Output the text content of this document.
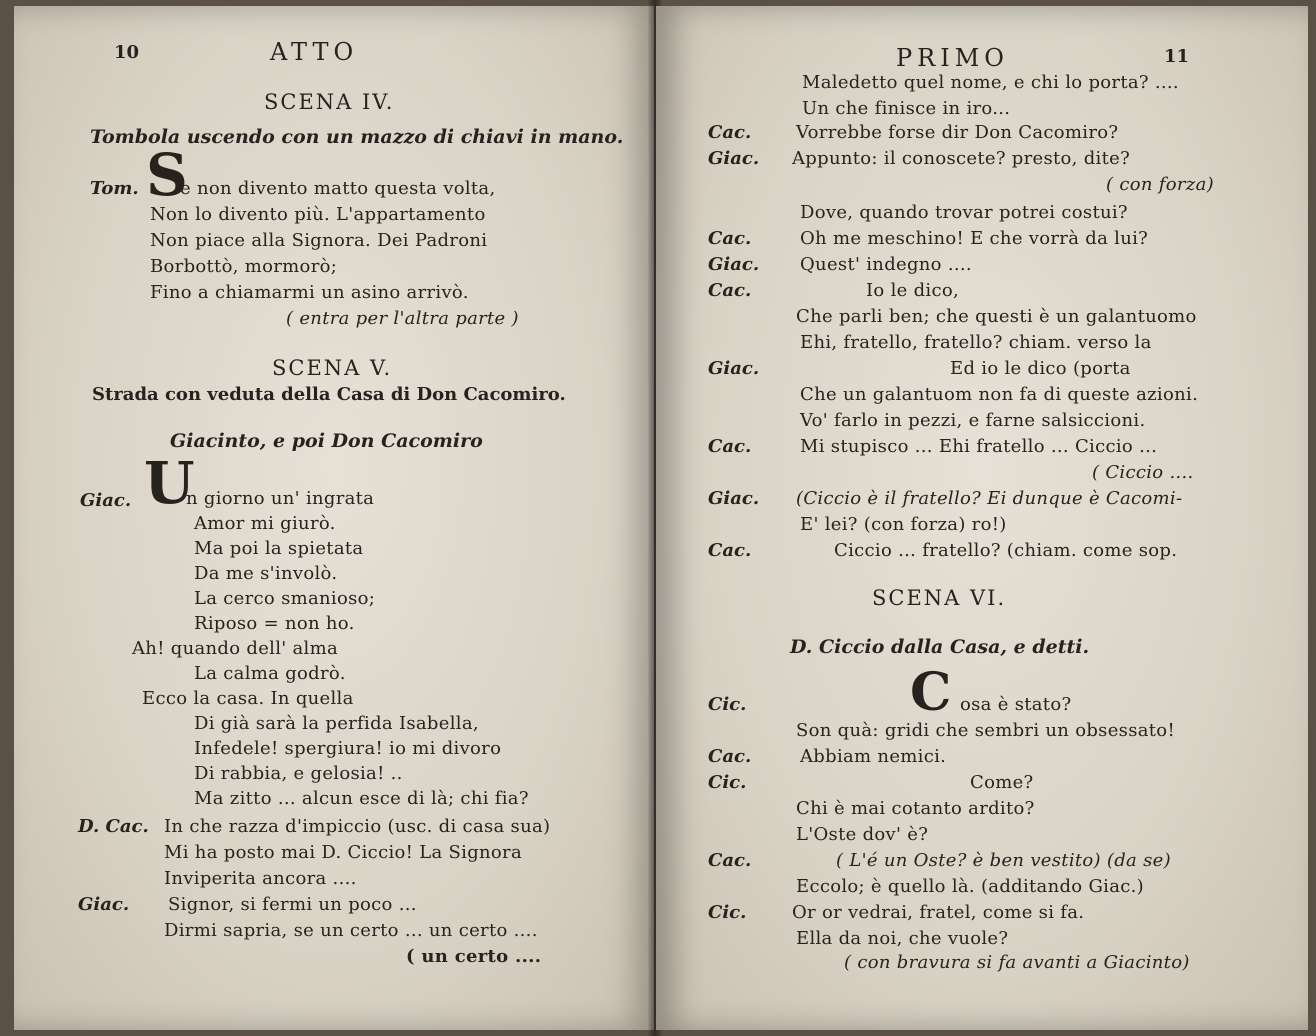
10	ATTO
SCENA IV.
Tombola uscendo con un mazzo di chiavi in mano.
Tom. S
e non divento matto questa volta,
Non lo divento più. L'appartamento
Non piace alla Signora. Dei Padroni
Borbottò, mormorò;
Fino a chiamarmi un asino arrivò.
( entra per l'altra parte )
SCENA V.
Strada con veduta della Casa di Don Cacomiro.
Giacinto, e poi Don Cacomiro
Giac. U
n giorno un' ingrata
Amor mi giurò.
Ma poi la spietata
Da me s'involò.
La cerco smanioso;
Riposo = non ho.
Ah! quando dell' alma
La calma godrò.
Ecco la casa. In quella
Di già sarà la perfida Isabella,
Infedele! spergiura! io mi divoro
Di rabbia, e gelosia! ..
Ma zitto ... alcun esce di là; chi fia?
D. Cac. In che razza d'impiccio (usc. di casa sua)
Mi ha posto mai D. Ciccio! La Signora
Inviperita ancora ....
Giac. Signor, si fermi un poco ...
Dirmi sapria, se un certo ... un certo ....
( un certo ....
PRIMO	11
Maledetto quel nome, e chi lo porta? ....
Un che finisce in iro...
Cac. Vorrebbe forse dir Don Cacomiro?
Giac. Appunto: il conoscete? presto, dite?
( con forza)
Dove, quando trovar potrei costui?
Cac.	Oh me meschino! E che vorrà da lui?
Giac. Quest' indegno ....
Cac.	Io le dico,
Che parli ben; che questi è un galantuomo
Ehi, fratello, fratello? chiam. verso la
Giac.	Ed io le dico (porta
Che un galantuom non fa di queste azioni.
Vo' farlo in pezzi, e farne salsiccioni.
Cac.	Mi stupisco ... Ehi fratello ... Ciccio ...
( Ciccio ....
Giac. (Ciccio è il fratello? Ei dunque è Cacomi-
E' lei? (con forza) ro!)
Cac.	Ciccio ... fratello? (chiam. come sop.
SCENA VI.
D. Ciccio dalla Casa, e detti.
C
Cic.	osa è stato?
Son quà: gridi che sembri un obsessato!
Cac.	Abbiam nemici.
Cic.	Come?
Chi è mai cotanto ardito?
L'Oste dov' è?
Cac.	( L'é un Oste? è ben vestito) (da se)
Eccolo; è quello là. (additando Giac.)
Cic.	Or or vedrai, fratel, come si fa.
Ella da noi, che vuole?
( con bravura si fa avanti a Giacinto)
